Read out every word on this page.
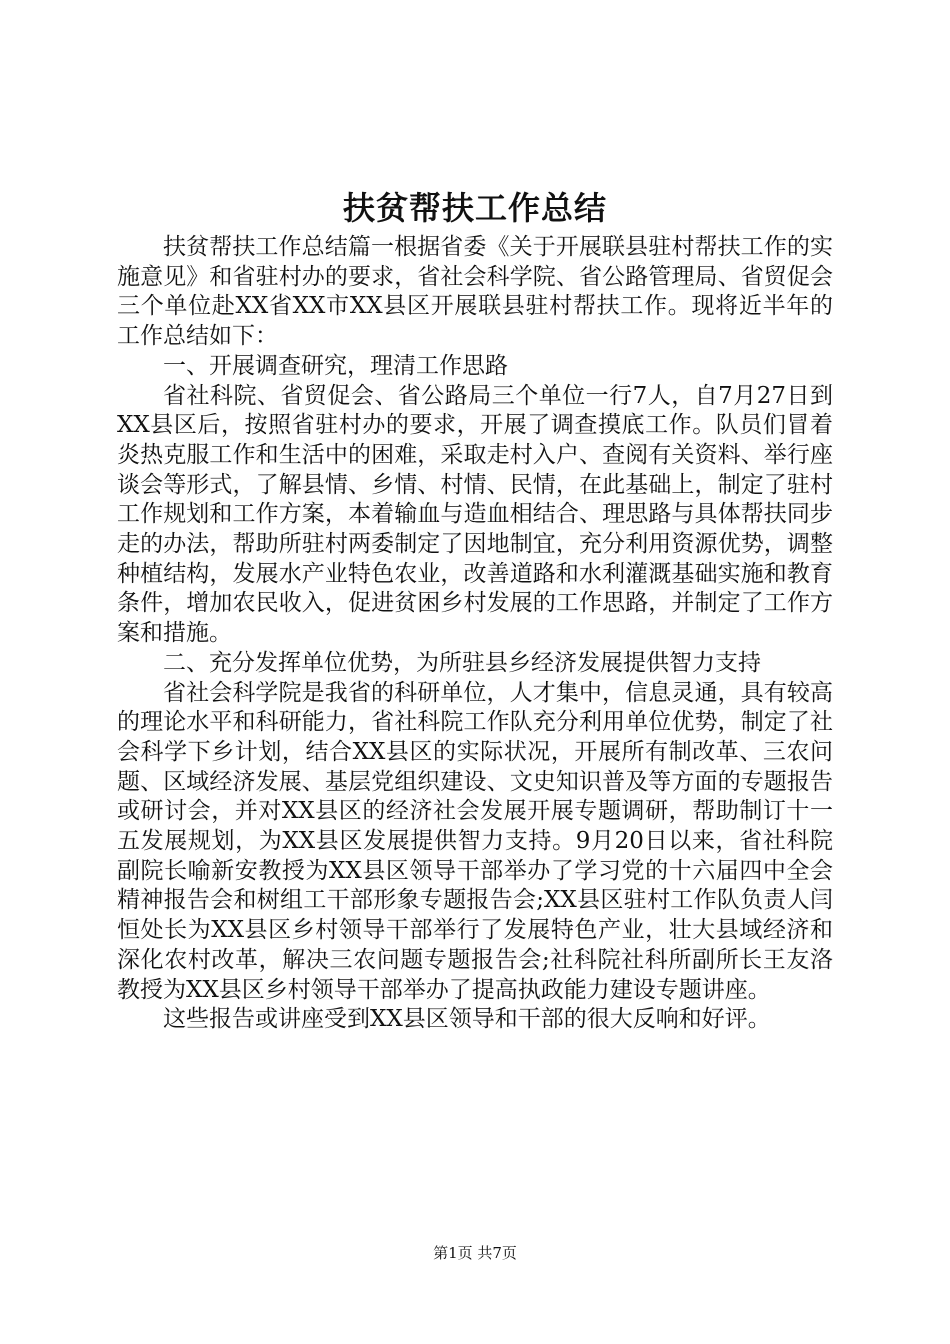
扶贫帮扶工作总结

扶贫帮扶工作总结篇一根据省委《关于开展联县驻村帮扶工作的实施意见》和省驻村办的要求，省社会科学院、省公路管理局、省贸促会三个单位赴XX省XX市XX县区开展联县驻村帮扶工作。现将近半年的工作总结如下：

一、开展调查研究，理清工作思路

省社科院、省贸促会、省公路局三个单位一行7人，自7月27日到XX县区后，按照省驻村办的要求，开展了调查摸底工作。队员们冒着炎热克服工作和生活中的困难，采取走村入户、查阅有关资料、举行座谈会等形式，了解县情、乡情、村情、民情，在此基础上，制定了驻村工作规划和工作方案，本着输血与造血相结合、理思路与具体帮扶同步走的办法，帮助所驻村两委制定了因地制宜，充分利用资源优势，调整种植结构，发展水产业特色农业，改善道路和水利灌溉基础实施和教育条件，增加农民收入，促进贫困乡村发展的工作思路，并制定了工作方案和措施。

二、充分发挥单位优势，为所驻县乡经济发展提供智力支持

省社会科学院是我省的科研单位，人才集中，信息灵通，具有较高的理论水平和科研能力，省社科院工作队充分利用单位优势，制定了社会科学下乡计划，结合XX县区的实际状况，开展所有制改革、三农问题、区域经济发展、基层党组织建设、文史知识普及等方面的专题报告或研讨会，并对XX县区的经济社会发展开展专题调研，帮助制订十一五发展规划，为XX县区发展提供智力支持。9月20日以来，省社科院副院长喻新安教授为XX县区领导干部举办了学习党的十六届四中全会精神报告会和树组工干部形象专题报告会;XX县区驻村工作队负责人闫恒处长为XX县区乡村领导干部举行了发展特色产业，壮大县域经济和深化农村改革，解决三农问题专题报告会;社科院社科所副所长王友洛教授为XX县区乡村领导干部举办了提高执政能力建设专题讲座。

这些报告或讲座受到XX县区领导和干部的很大反响和好评。

第1页 共7页
